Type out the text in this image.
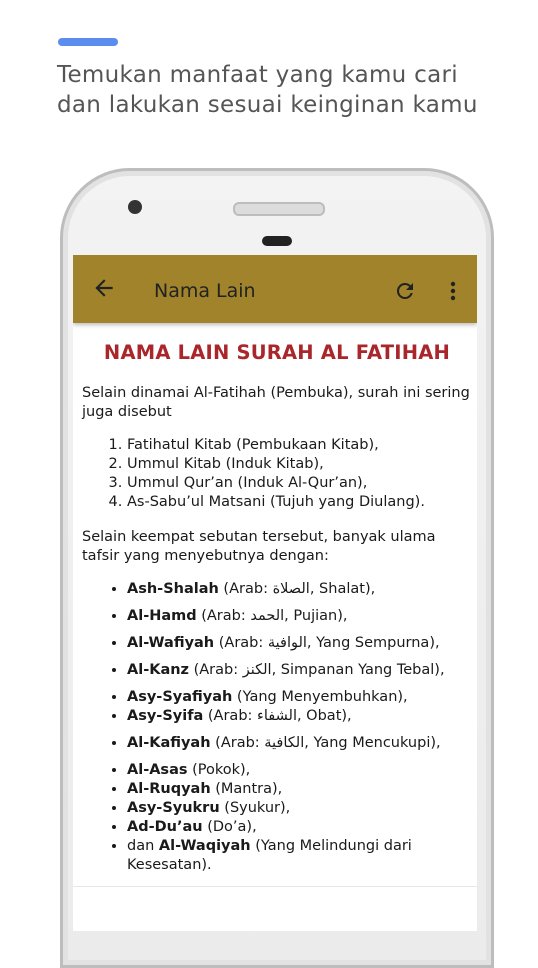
Temukan manfaat yang kamu cari
dan lakukan sesuai keinginan kamu
Nama Lain
NAMA LAIN SURAH AL FATIHAH

Selain dinamai Al-Fatihah (Pembuka), surah ini sering juga disebut

1. Fatihatul Kitab (Pembukaan Kitab),
2. Ummul Kitab (Induk Kitab),
3. Ummul Qur’an (Induk Al-Qur’an),
4. As-Sabu’ul Matsani (Tujuh yang Diulang).

Selain keempat sebutan tersebut, banyak ulama tafsir yang menyebutnya dengan:

• Ash-Shalah (Arab: الصلاة, Shalat),
• Al-Hamd (Arab: الحمد, Pujian),
• Al-Wafiyah (Arab: الوافية, Yang Sempurna),
• Al-Kanz (Arab: الكنز, Simpanan Yang Tebal),
• Asy-Syafiyah (Yang Menyembuhkan),
• Asy-Syifa (Arab: الشفاء, Obat),
• Al-Kafiyah (Arab: الكافية, Yang Mencukupi),
• Al-Asas (Pokok),
• Al-Ruqyah (Mantra),
• Asy-Syukru (Syukur),
• Ad-Du’au (Do’a),
• dan Al-Waqiyah (Yang Melindungi dari Kesesatan).
